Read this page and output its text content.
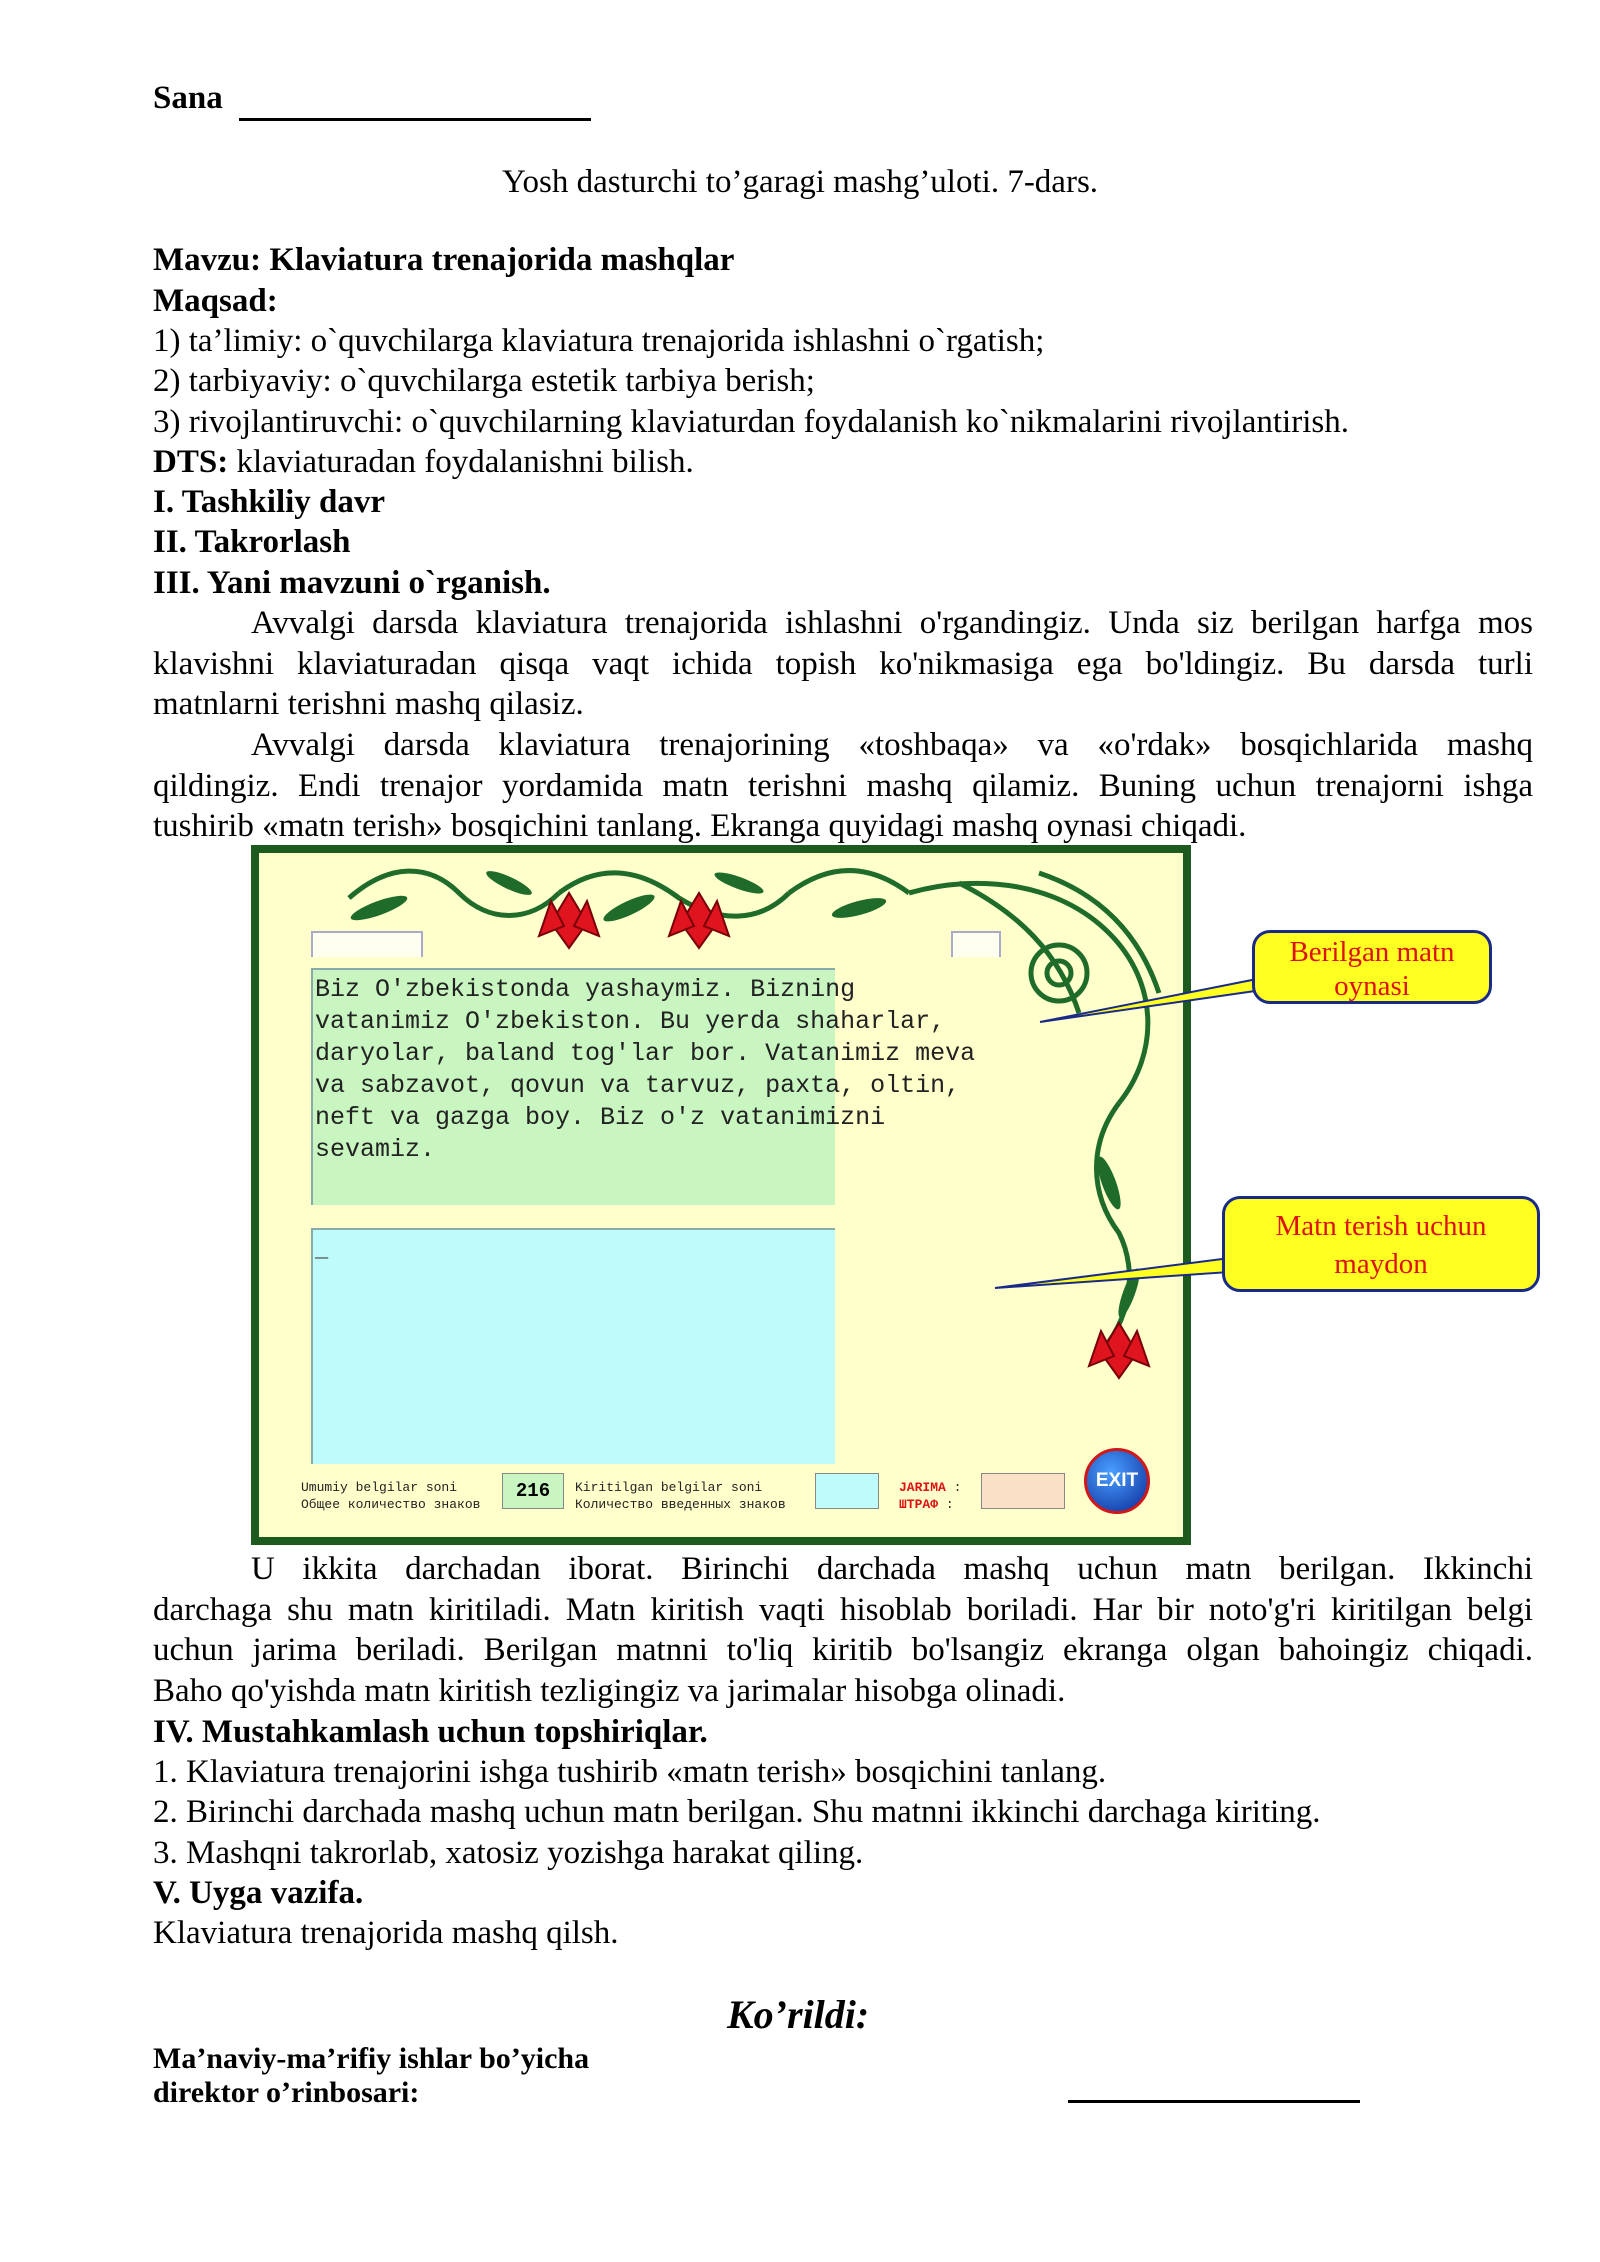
Sana
Yosh dasturchi to’garagi mashg’uloti. 7-dars.
Mavzu: Klaviatura trenajorida mashqlar
Maqsad:
1) ta’limiy: o`quvchilarga klaviatura trenajorida ishlashni o`rgatish;
2) tarbiyaviy: o`quvchilarga estetik tarbiya berish;
3) rivojlantiruvchi: o`quvchilarning klaviaturdan foydalanish ko`nikmalarini rivojlantirish.
DTS: klaviaturadan foydalanishni bilish.
I. Tashkiliy davr
II. Takrorlash
III. Yani mavzuni o`rganish.
Avvalgi darsda klaviatura trenajorida ishlashni o'rgandingiz. Unda siz berilgan harfga mos
klavishni klaviaturadan qisqa vaqt ichida topish ko'nikmasiga ega bo'ldingiz. Bu darsda turli
matnlarni terishni mashq qilasiz.
Avvalgi darsda klaviatura trenajorining «toshbaqa» va «o'rdak» bosqichlarida mashq
qildingiz. Endi trenajor yordamida matn terishni mashq qilamiz. Buning uchun trenajorni ishga
tushirib «matn terish» bosqichini tanlang. Ekranga quyidagi mashq oynasi chiqadi.
Biz O'zbekistonda yashaymiz. Bizning
vatanimiz O'zbekiston. Bu yerda shaharlar,
daryolar, baland tog'lar bor. Vatanimiz meva
va sabzavot, qovun va tarvuz, paxta, oltin,
neft va gazga boy. Biz o'z vatanimizni
sevamiz.
_
Umumiy belgilar soni
Общее количество знаков
216	Kiritilgan belgilar soni
Количество введенных знаков
JARIMA :
ШТРАФ :
EXIT
Berilgan matn
oynasi
Matn terish uchun
maydon
U ikkita darchadan iborat. Birinchi darchada mashq uchun matn berilgan. Ikkinchi
darchaga shu matn kiritiladi. Matn kiritish vaqti hisoblab boriladi. Har bir noto'g'ri kiritilgan belgi
uchun jarima beriladi. Berilgan matnni to'liq kiritib bo'lsangiz ekranga olgan bahoingiz chiqadi.
Baho qo'yishda matn kiritish tezligingiz va jarimalar hisobga olinadi.
IV. Mustahkamlash uchun topshiriqlar.
1. Klaviatura trenajorini ishga tushirib «matn terish» bosqichini tanlang.
2. Birinchi darchada mashq uchun matn berilgan. Shu matnni ikkinchi darchaga kiriting.
3. Mashqni takrorlab, xatosiz yozishga harakat qiling.
V. Uyga vazifa.
Klaviatura trenajorida mashq qilsh.
Ko’rildi:
Ma’naviy-ma’rifiy ishlar bo’yicha
direktor o’rinbosari:
